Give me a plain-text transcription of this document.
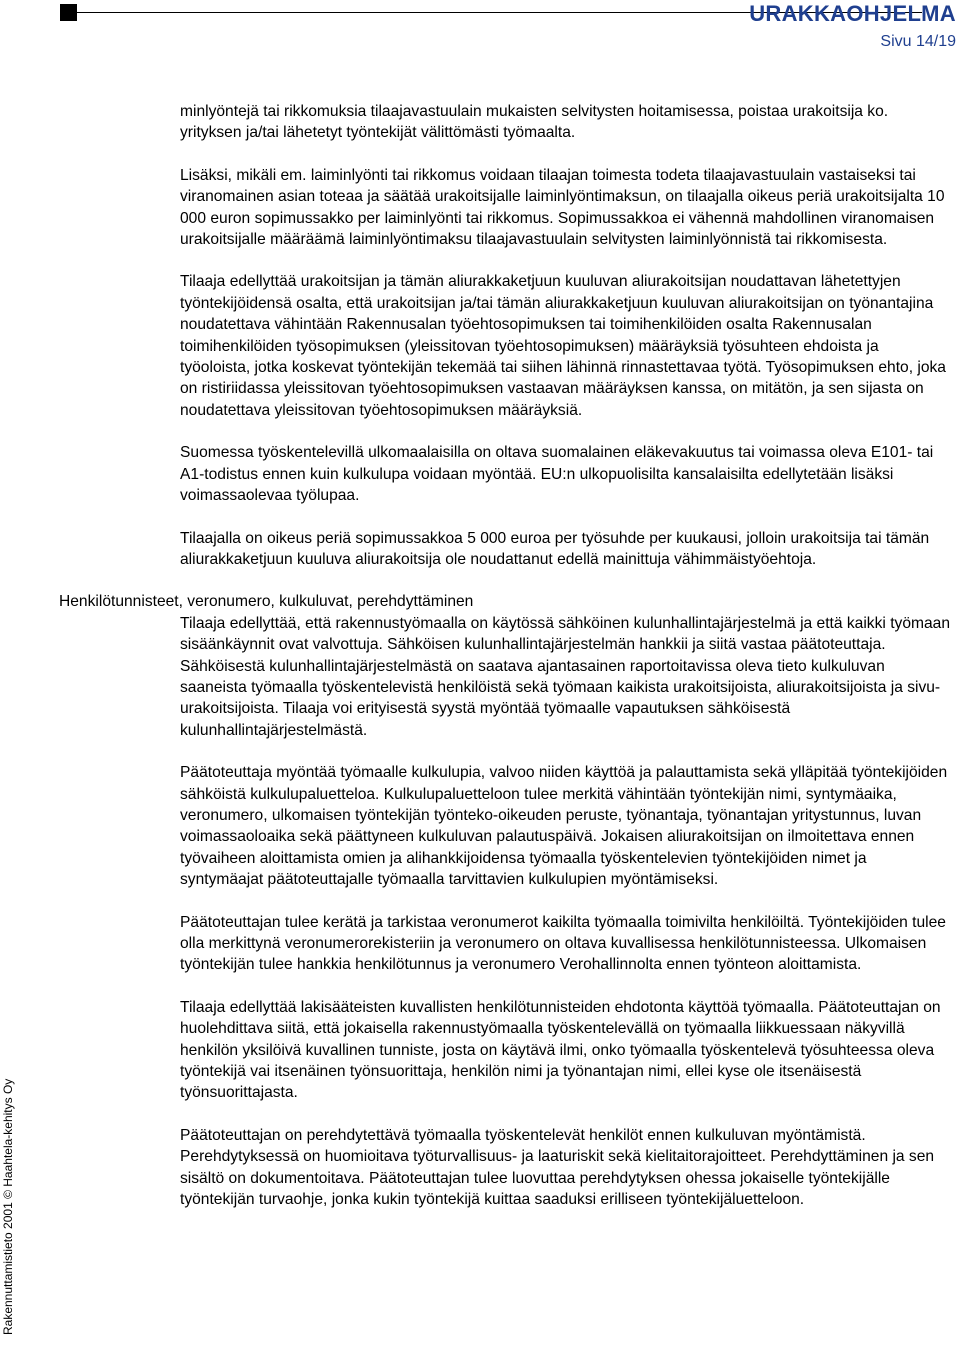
URAKKAOHJELMA
Sivu 14/19

minlyöntejä tai rikkomuksia tilaajavastuulain mukaisten selvitysten hoitamisessa, poistaa urakoitsija ko. yrityksen ja/tai lähetetyt työntekijät välittömästi työmaalta.

Lisäksi, mikäli em. laiminlyönti tai rikkomus voidaan tilaajan toimesta todeta tilaajavastuulain vastaiseksi tai viranomainen asian toteaa ja säätää urakoitsijalle laiminlyöntimaksun, on tilaajalla oikeus periä urakoitsijalta 10 000 euron sopimussakko per laiminlyönti tai rikkomus. Sopimussakkoa ei vähennä mahdollinen viranomaisen urakoitsijalle määräämä laiminlyöntimaksu tilaajavastuulain selvitysten laiminlyönnistä tai rikkomisesta.

Tilaaja edellyttää urakoitsijan ja tämän aliurakkaketjuun kuuluvan aliurakoitsijan noudattavan lähetettyjen työntekijöidensä osalta, että urakoitsijan ja/tai tämän aliurakkaketjuun kuuluvan aliurakoitsijan on työnantajina noudatettava vähintään Rakennusalan työehtosopimuksen tai toimihenkilöiden osalta Rakennusalan toimihenkilöiden työsopimuksen (yleissitovan työehtosopimuksen) määräyksiä työsuhteen ehdoista ja työoloista, jotka koskevat työntekijän tekemää tai siihen lähinnä rinnastettavaa työtä. Työsopimuksen ehto, joka on ristiriidassa yleissitovan työehtosopimuksen vastaavan määräyksen kanssa, on mitätön, ja sen sijasta on noudatettava yleissitovan työehtosopimuksen määräyksiä.

Suomessa työskentelevillä ulkomaalaisilla on oltava suomalainen eläkevakuutus tai voimassa oleva E101- tai A1-todistus ennen kuin kulkulupa voidaan myöntää. EU:n ulkopuolisilta kansalaisilta edellytetään lisäksi voimassaolevaa työlupaa.

Tilaajalla on oikeus periä sopimussakkoa 5 000 euroa per työsuhde per kuukausi, jolloin urakoitsija tai tämän aliurakkaketjuun kuuluva aliurakoitsija ole noudattanut edellä mainittuja vähimmäistyöehtoja.

Henkilötunnisteet, veronumero, kulkuluvat, perehdyttäminen

Tilaaja edellyttää, että rakennustyömaalla on käytössä sähköinen kulunhallintajärjestelmä ja että kaikki työmaan sisäänkäynnit ovat valvottuja. Sähköisen kulunhallintajärjestelmän hankkii ja siitä vastaa päätoteuttaja. Sähköisestä kulunhallintajärjestelmästä on saatava ajantasainen raportoitavissa oleva tieto kulkuluvan saaneista työmaalla työskentelevistä henkilöistä sekä työmaan kaikista urakoitsijoista, aliurakoitsijoista ja sivu-urakoitsijoista. Tilaaja voi erityisestä syystä myöntää työmaalle vapautuksen sähköisestä kulunhallintajärjestelmästä.

Päätoteuttaja myöntää työmaalle kulkulupia, valvoo niiden käyttöä ja palauttamista sekä ylläpitää työntekijöiden sähköistä kulkulupaluetteloa. Kulkulupaluetteloon tulee merkitä vähintään työntekijän nimi, syntymäaika, veronumero, ulkomaisen työntekijän työnteko-oikeuden peruste, työnantaja, työnantajan yritystunnus, luvan voimassaoloaika sekä päättyneen kulkuluvan palautuspäivä. Jokaisen aliurakoitsijan on ilmoitettava ennen työvaiheen aloittamista omien ja alihankkijoidensa työmaalla työskentelevien työntekijöiden nimet ja syntymäajat päätoteuttajalle työmaalla tarvittavien kulkulupien myöntämiseksi.

Päätoteuttajan tulee kerätä ja tarkistaa veronumerot kaikilta työmaalla toimivilta henkilöiltä. Työntekijöiden tulee olla merkittynä veronumerorekisteriin ja veronumero on oltava kuvallisessa henkilötunnisteessa. Ulkomaisen työntekijän tulee hankkia henkilötunnus ja veronumero Verohallinnolta ennen työnteon aloittamista.

Tilaaja edellyttää lakisääteisten kuvallisten henkilötunnisteiden ehdotonta käyttöä työmaalla. Päätoteuttajan on huolehdittava siitä, että jokaisella rakennustyömaalla työskentelevällä on työmaalla liikkuessaan näkyvillä henkilön yksilöivä kuvallinen tunniste, josta on käytävä ilmi, onko työmaalla työskentelevä työsuhteessa oleva työntekijä vai itsenäinen työnsuorittaja, henkilön nimi ja työnantajan nimi, ellei kyse ole itsenäisestä työnsuorittajasta.

Päätoteuttajan on perehdytettävä työmaalla työskentelevät henkilöt ennen kulkuluvan myöntämistä. Perehdytyksessä on huomioitava työturvallisuus- ja laaturiskit sekä kielitaitorajoitteet. Perehdyttäminen ja sen sisältö on dokumentoitava. Päätoteuttajan tulee luovuttaa perehdytyksen ohessa jokaiselle työntekijälle työntekijän turvaohje, jonka kukin työntekijä kuittaa saaduksi erilliseen työntekijäluetteloon.

Rakennuttamistieto 2001 © Haahtela-kehitys Oy
